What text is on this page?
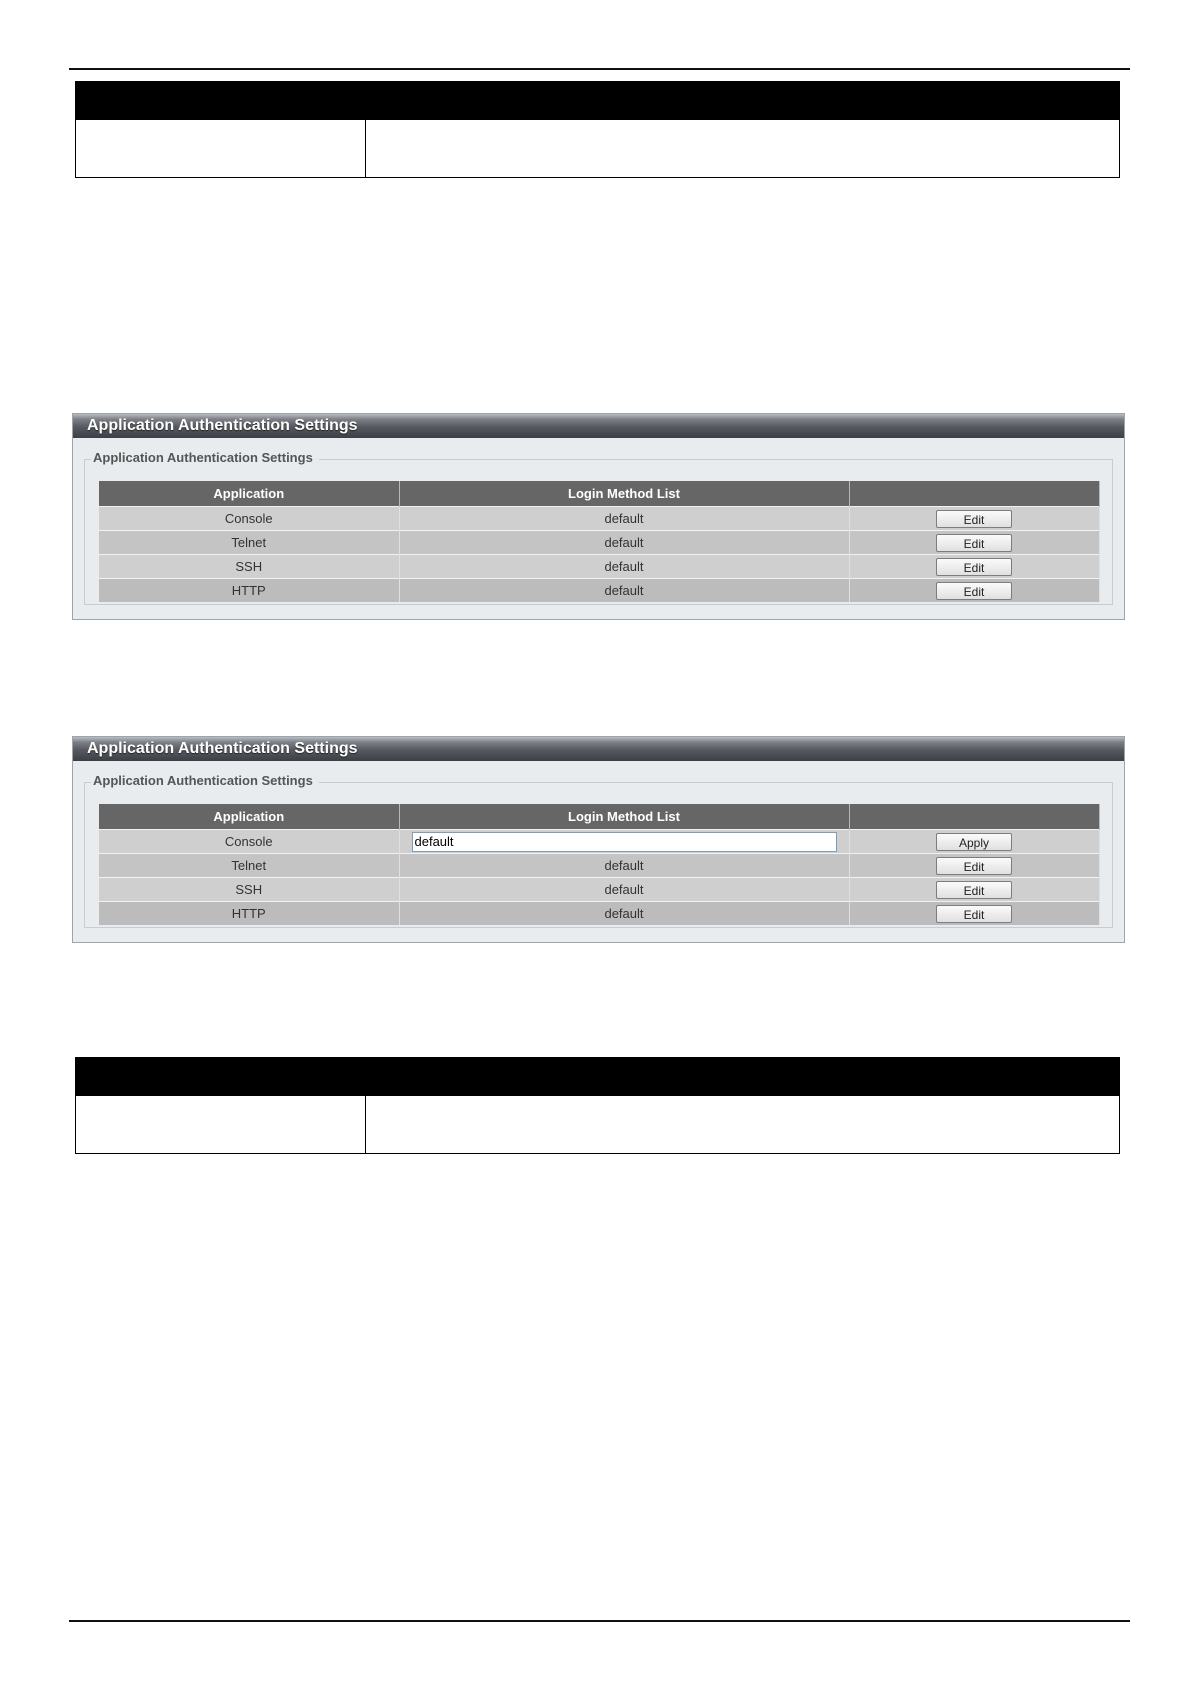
Application Authentication Settings
Application Authentication Settings
Application	Login Method List	
Console	default	Edit
Telnet	default	Edit
SSH	default	Edit
HTTP	default	Edit
Application Authentication Settings
Application Authentication Settings
Application	Login Method List	
Console	default	Apply
Telnet	default	Edit
SSH	default	Edit
HTTP	default	Edit
